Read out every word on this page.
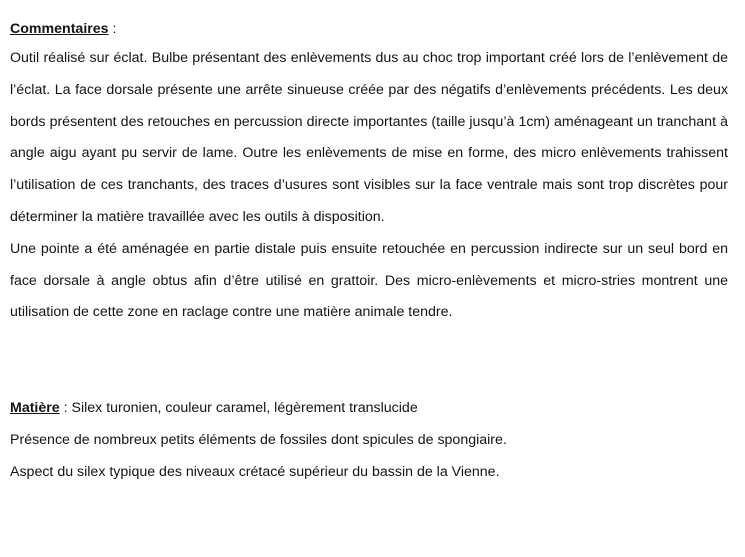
Commentaires :

Outil réalisé sur éclat. Bulbe présentant des enlèvements dus au choc trop important créé lors de l’enlèvement de l’éclat. La face dorsale présente une arrête sinueuse créée par des négatifs d’enlèvements précédents. Les deux bords présentent des retouches en percussion directe importantes (taille jusqu’à 1cm) aménageant un tranchant à angle aigu ayant pu servir de lame. Outre les enlèvements de mise en forme, des micro enlèvements trahissent l’utilisation de ces tranchants, des traces d’usures sont visibles sur la face ventrale mais sont trop discrètes pour déterminer la matière travaillée avec les outils à disposition.

Une pointe a été aménagée en partie distale puis ensuite retouchée en percussion indirecte sur un seul bord en face dorsale à angle obtus afin d’être utilisé en grattoir. Des micro-enlèvements et micro-stries montrent une utilisation de cette zone en raclage contre une matière animale tendre.

Matière : Silex turonien, couleur caramel, légèrement translucide
Présence de nombreux petits éléments de fossiles dont spicules de spongiaire.
Aspect du silex typique des niveaux crétacé supérieur du bassin de la Vienne.
